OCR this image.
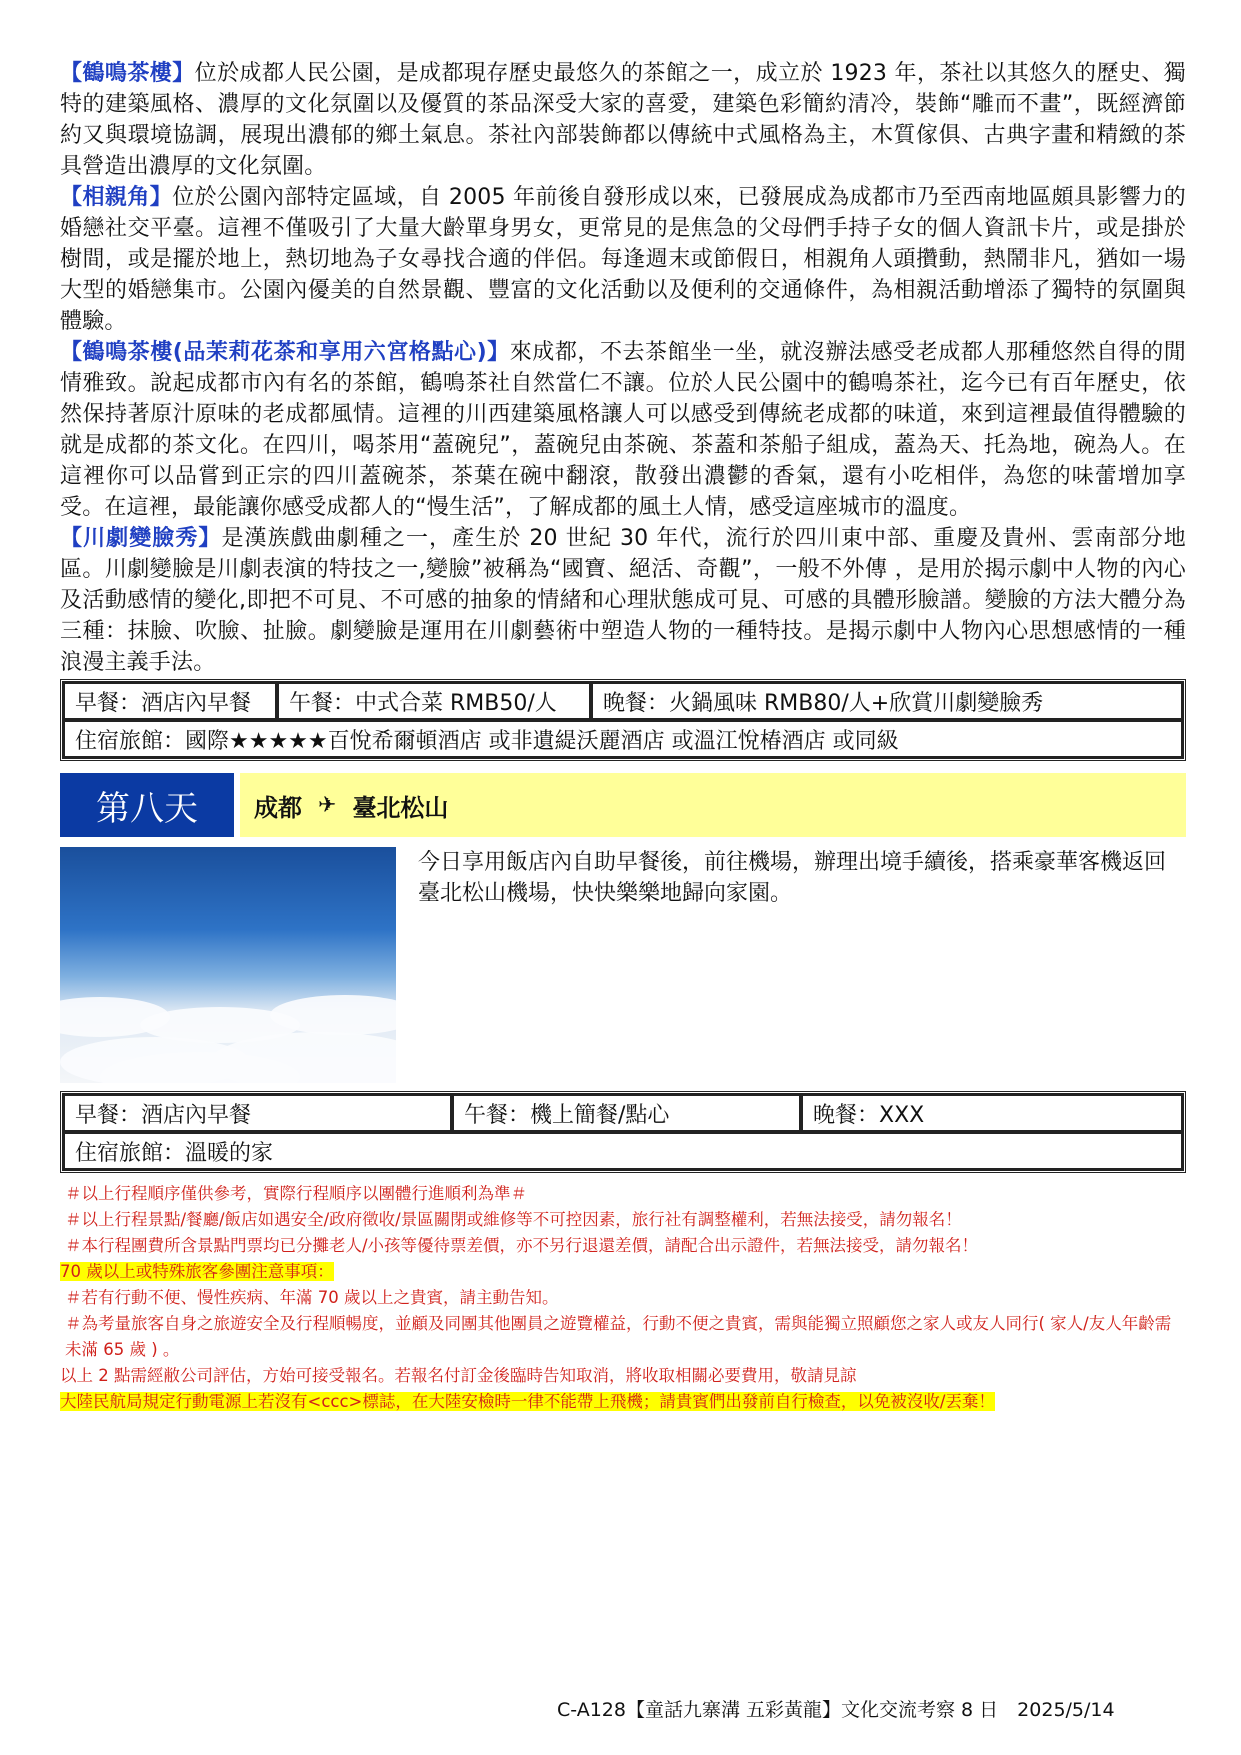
【鶴鳴茶樓】位於成都人民公園，是成都現存歷史最悠久的茶館之一，成立於 1923 年，茶社以其悠久的歷史、獨特的建築風格、濃厚的文化氛圍以及優質的茶品深受大家的喜愛，建築色彩簡約清冷，裝飾“雕而不畫”，既經濟節約又與環境協調，展現出濃郁的鄉土氣息。茶社內部裝飾都以傳統中式風格為主，木質傢俱、古典字畫和精緻的茶具營造出濃厚的文化氛圍。

【相親角】位於公園內部特定區域，自 2005 年前後自發形成以來，已發展成為成都市乃至西南地區頗具影響力的婚戀社交平臺。這裡不僅吸引了大量大齡單身男女，更常見的是焦急的父母們手持子女的個人資訊卡片，或是掛於樹間，或是擺於地上，熱切地為子女尋找合適的伴侶。每逢週末或節假日，相親角人頭攢動，熱鬧非凡，猶如一場大型的婚戀集市。公園內優美的自然景觀、豐富的文化活動以及便利的交通條件，為相親活動增添了獨特的氛圍與體驗。

【鶴鳴茶樓(品茉莉花茶和享用六宮格點心)】來成都，不去茶館坐一坐，就沒辦法感受老成都人那種悠然自得的閒情雅致。說起成都市內有名的茶館，鶴鳴茶社自然當仁不讓。位於人民公園中的鶴鳴茶社，迄今已有百年歷史，依然保持著原汁原味的老成都風情。這裡的川西建築風格讓人可以感受到傳統老成都的味道，來到這裡最值得體驗的就是成都的茶文化。在四川，喝茶用“蓋碗兒”，蓋碗兒由茶碗、茶蓋和茶船子組成，蓋為天、托為地，碗為人。在這裡你可以品嘗到正宗的四川蓋碗茶，茶葉在碗中翻滾，散發出濃鬱的香氣，還有小吃相伴，為您的味蕾增加享受。在這裡，最能讓你感受成都人的“慢生活”，了解成都的風土人情，感受這座城市的溫度。

【川劇變臉秀】是漢族戲曲劇種之一，產生於 20 世紀 30 年代，流行於四川東中部、重慶及貴州、雲南部分地區。川劇變臉是川劇表演的特技之一,變臉”被稱為“國寶、絕活、奇觀”，一般不外傳 ，是用於揭示劇中人物的內心及活動感情的變化,即把不可見、不可感的抽象的情緒和心理狀態成可見、可感的具體形臉譜。變臉的方法大體分為三種：抹臉、吹臉、扯臉。劇變臉是運用在川劇藝術中塑造人物的一種特技。是揭示劇中人物內心思想感情的一種浪漫主義手法。

早餐：酒店內早餐	午餐：中式合菜 RMB50/人	晚餐：火鍋風味 RMB80/人+欣賞川劇變臉秀
住宿旅館：國際★★★★★百悅希爾頓酒店 或非遺緹沃麗酒店 或溫江悅椿酒店 或同級
第八天	成都 ✈ 臺北松山
今日享用飯店內自助早餐後，前往機場，辦理出境手續後，搭乘豪華客機返回臺北松山機場，快快樂樂地歸向家園。
早餐：酒店內早餐	午餐：機上簡餐/點心	晚餐：XXX
住宿旅館：溫暖的家
＃以上行程順序僅供參考，實際行程順序以團體行進順利為準＃
＃以上行程景點/餐廳/飯店如遇安全/政府徵收/景區關閉或維修等不可控因素，旅行社有調整權利，若無法接受，請勿報名！
＃本行程團費所含景點門票均已分攤老人/小孩等優待票差價，亦不另行退還差價，請配合出示證件，若無法接受，請勿報名！
70 歲以上或特殊旅客參團注意事項：
＃若有行動不便、慢性疾病、年滿 70 歲以上之貴賓，請主動告知。
＃為考量旅客自身之旅遊安全及行程順暢度，並顧及同團其他團員之遊覽權益，行動不便之貴賓，需與能獨立照顧您之家人或友人同行( 家人/友人年齡需未滿 65 歲 ) 。
以上 2 點需經敝公司評估，方始可接受報名。若報名付訂金後臨時告知取消，將收取相關必要費用，敬請見諒
大陸民航局規定行動電源上若沒有<ccc>標誌，在大陸安檢時一律不能帶上飛機；請貴賓們出發前自行檢查，以免被沒收/丟棄！
C-A128【童話九寨溝 五彩黃龍】文化交流考察 8 日　2025/5/14
